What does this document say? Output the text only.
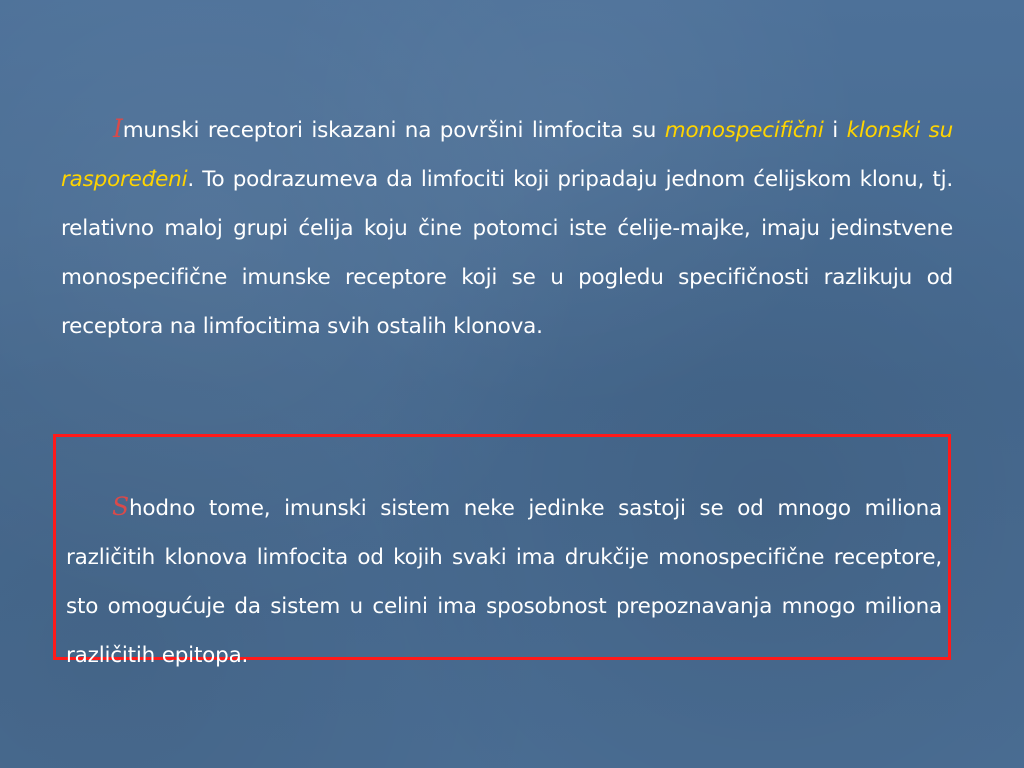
Imunski receptori iskazani na površini limfocita su monospecifični i klonski su raspoređeni. To podrazumeva da limfociti koji pripadaju jednom ćelijskom klonu, tj. relativno maloj grupi ćelija koju čine potomci iste ćelije-majke, imaju jedinstvene monospecifične imunske receptore koji se u pogledu specifičnosti razlikuju od receptora na limfocitima svih ostalih klonova.

Shodno tome, imunski sistem neke jedinke sastoji se od mnogo miliona različitih klonova limfocita od kojih svaki ima drukčije monospecifične receptore, sto omogućuje da sistem u celini ima sposobnost prepoznavanja mnogo miliona različitih epitopa.
